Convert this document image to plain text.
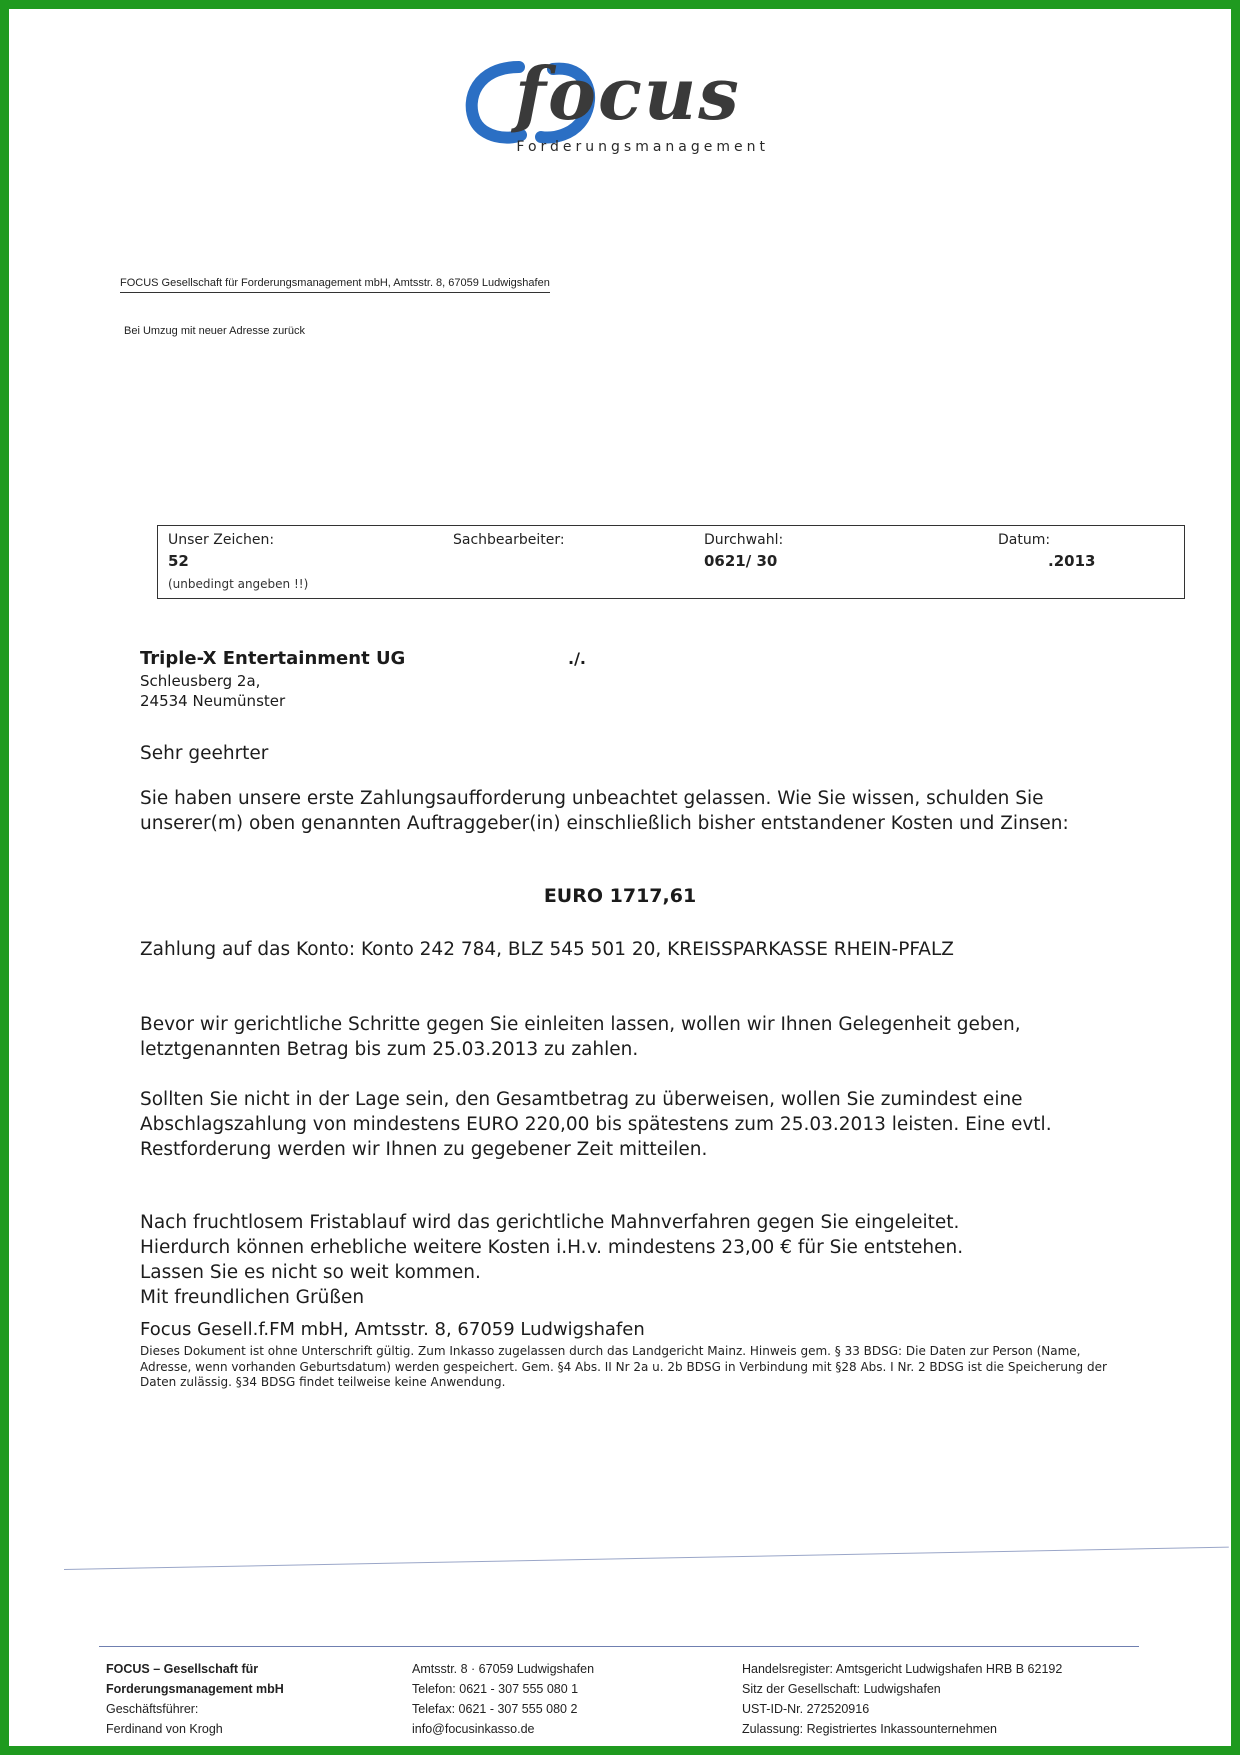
focus
Forderungsmanagement
FOCUS Gesellschaft für Forderungsmanagement mbH, Amtsstr. 8, 67059 Ludwigshafen
Bei Umzug mit neuer Adresse zurück
Unser Zeichen:
52
Sachbearbeiter:	Durchwahl:
0621/ 30
Datum:
.2013
(unbedingt angeben !!)
Triple-X Entertainment UG
Schleusberg 2a,
24534 Neumünster
./.
Sehr geehrter
Sie haben unsere erste Zahlungsaufforderung unbeachtet gelassen. Wie Sie wissen, schulden Sie unserer(m) oben genannten Auftraggeber(in) einschließlich bisher entstandener Kosten und Zinsen:
EURO 1717,61
Zahlung auf das Konto: Konto 242 784, BLZ 545 501 20, KREISSPARKASSE RHEIN-PFALZ
Bevor wir gerichtliche Schritte gegen Sie einleiten lassen, wollen wir Ihnen Gelegenheit geben, letztgenannten Betrag bis zum 25.03.2013 zu zahlen.
Sollten Sie nicht in der Lage sein, den Gesamtbetrag zu überweisen, wollen Sie zumindest eine Abschlagszahlung von mindestens EURO 220,00 bis spätestens zum 25.03.2013 leisten. Eine evtl. Restforderung werden wir Ihnen zu gegebener Zeit mitteilen.
Nach fruchtlosem Fristablauf wird das gerichtliche Mahnverfahren gegen Sie eingeleitet.
Hierdurch können erhebliche weitere Kosten i.H.v. mindestens 23,00 € für Sie entstehen.
Lassen Sie es nicht so weit kommen.
Mit freundlichen Grüßen
Focus Gesell.f.FM mbH, Amtsstr. 8, 67059 Ludwigshafen
Dieses Dokument ist ohne Unterschrift gültig. Zum Inkasso zugelassen durch das Landgericht Mainz. Hinweis gem. § 33 BDSG: Die Daten zur Person (Name, Adresse, wenn vorhanden Geburtsdatum) werden gespeichert. Gem. §4 Abs. II Nr 2a u. 2b BDSG in Verbindung mit §28 Abs. I Nr. 2 BDSG ist die Speicherung der Daten zulässig. §34 BDSG findet teilweise keine Anwendung.
FOCUS – Gesellschaft für
Forderungsmanagement mbH
Geschäftsführer:
Ferdinand von Krogh
Amtsstr. 8 · 67059 Ludwigshafen
Telefon: 0621 - 307 555 080 1
Telefax: 0621 - 307 555 080 2
info@focusinkasso.de
Handelsregister: Amtsgericht Ludwigshafen HRB B 62192
Sitz der Gesellschaft: Ludwigshafen
UST-ID-Nr. 272520916
Zulassung: Registriertes Inkassounternehmen
